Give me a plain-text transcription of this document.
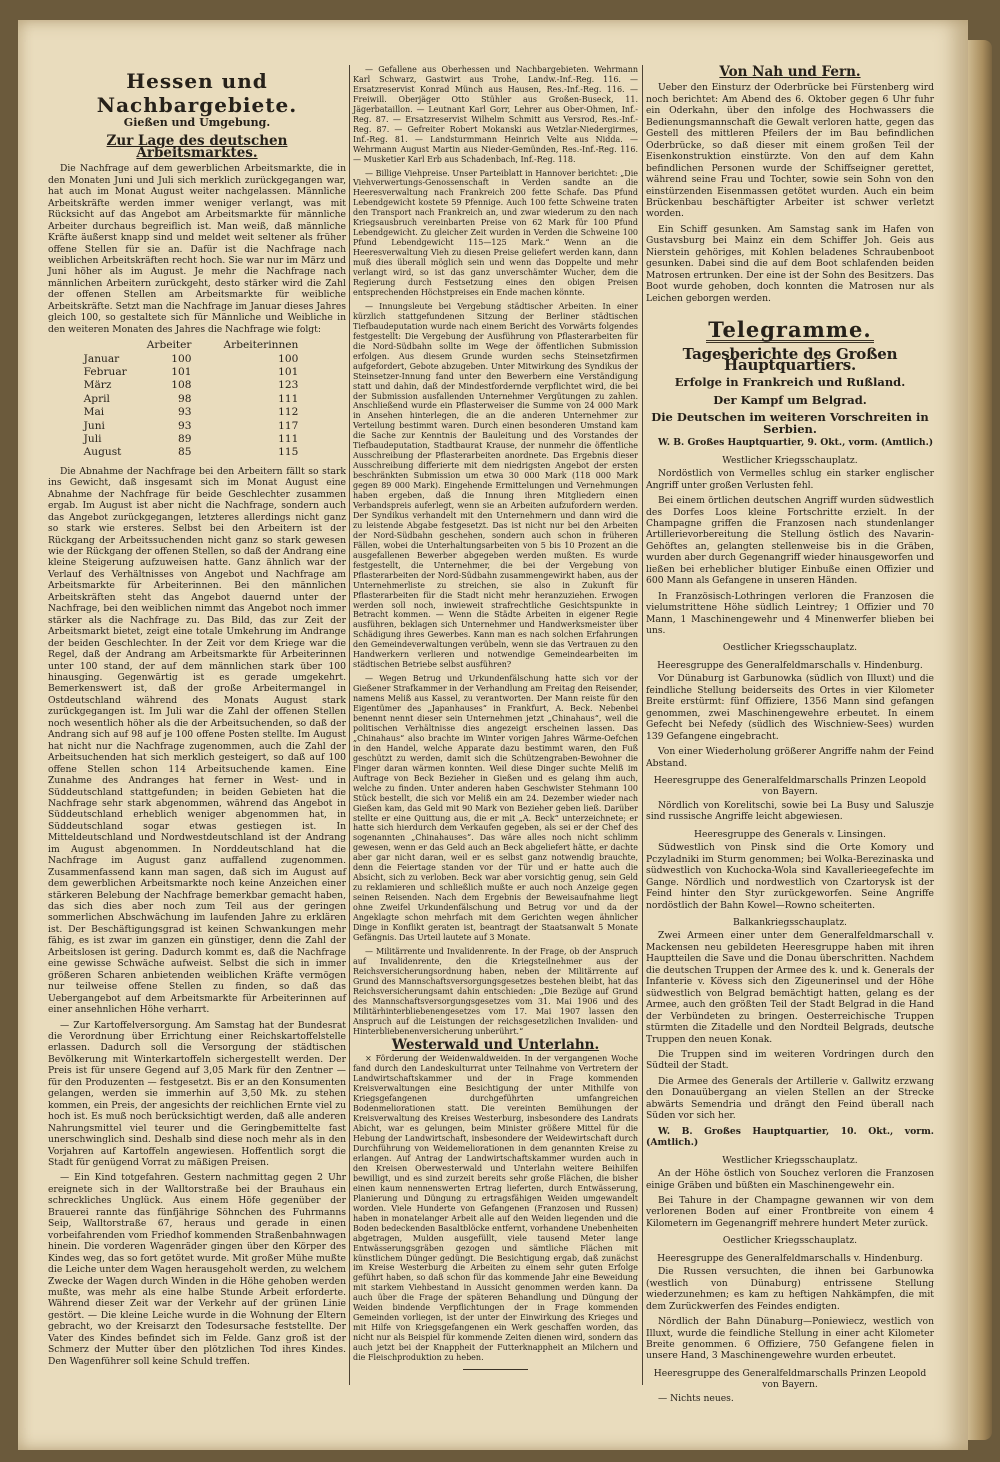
Hessen und Nachbargebiete.
Gießen und Umgebung.
Zur Lage des deutschen Arbeitsmarktes.

Die Nachfrage auf dem gewerblichen Arbeitsmarkte, die in den Monaten Juni und Juli sich merklich zurückgegangen war, hat auch im Monat August weiter nachgelassen. Männliche Arbeitskräfte werden immer weniger verlangt, was mit Rücksicht auf das Angebot am Arbeitsmarkte für männliche Arbeiter durchaus begreiflich ist. Man weiß, daß männliche Kräfte äußerst knapp sind und meldet weit seltener als früher offene Stellen für sie an. Dafür ist die Nachfrage nach weiblichen Arbeitskräften recht hoch. Sie war nur im März und Juni höher als im August. Je mehr die Nachfrage nach männlichen Arbeitern zurückgeht, desto stärker wird die Zahl der offenen Stellen am Arbeitsmarkte für weibliche Arbeitskräfte. Setzt man die Nachfrage im Januar dieses Jahres gleich 100, so gestaltete sich für Männliche und Weibliche in den weiteren Monaten des Jahres die Nachfrage wie folgt:

	Arbeiter	Arbeiterinnen
Januar	100	100
Februar	101	101
März	108	123
April	98	111
Mai	93	112
Juni	93	117
Juli	89	111
August	85	115

Die Abnahme der Nachfrage bei den Arbeitern fällt so stark ins Gewicht, daß insgesamt sich im Monat August eine Abnahme der Nachfrage für beide Geschlechter zusammen ergab. Im August ist aber nicht die Nachfrage, sondern auch das Angebot zurückgegangen, letzteres allerdings nicht ganz so stark wie ersteres. Selbst bei den Arbeitern ist der Rückgang der Arbeitssuchenden nicht ganz so stark gewesen wie der Rückgang der offenen Stellen, so daß der Andrang eine kleine Steigerung aufzuweisen hatte. Ganz ähnlich war der Verlauf des Verhältnisses von Angebot und Nachfrage am Arbeitsmarkte für Arbeiterinnen. Bei den männlichen Arbeitskräften steht das Angebot dauernd unter der Nachfrage, bei den weiblichen nimmt das Angebot noch immer stärker als die Nachfrage zu. Das Bild, das zur Zeit der Arbeitsmarkt bietet, zeigt eine totale Umkehrung im Andrange der beiden Geschlechter. In der Zeit vor dem Kriege war die Regel, daß der Andrang am Arbeitsmarkte für Arbeiterinnen unter 100 stand, der auf dem männlichen stark über 100 hinausging. Gegenwärtig ist es gerade umgekehrt. Bemerkenswert ist, daß der große Arbeitermangel in Ostdeutschland während des Monats August stark zurückgegangen ist. Im Juli war die Zahl der offenen Stellen noch wesentlich höher als die der Arbeitsuchenden, so daß der Andrang sich auf 98 auf je 100 offene Posten stellte. Im August hat nicht nur die Nachfrage zugenommen, auch die Zahl der Arbeitsuchenden hat sich merklich gesteigert, so daß auf 100 offene Stellen schon 114 Arbeitsuchende kamen. Eine Zunahme des Andranges hat ferner in West- und in Süddeutschland stattgefunden; in beiden Gebieten hat die Nachfrage sehr stark abgenommen, während das Angebot in Süddeutschland erheblich weniger abgenommen hat, in Süddeutschland sogar etwas gestiegen ist. In Mitteldeutschland und Nordwestdeutschland ist der Andrang im August abgenommen. In Norddeutschland hat die Nachfrage im August ganz auffallend zugenommen. Zusammenfassend kann man sagen, daß sich im August auf dem gewerblichen Arbeitsmarkte noch keine Anzeichen einer stärkeren Belebung der Nachfrage bemerkbar gemacht haben, das sich dies aber noch zum Teil aus der geringen sommerlichen Abschwächung im laufenden Jahre zu erklären ist. Der Beschäftigungsgrad ist keinen Schwankungen mehr fähig, es ist zwar im ganzen ein günstiger, denn die Zahl der Arbeitslosen ist gering. Dadurch kommt es, daß die Nachfrage eine gewisse Schwäche aufweist. Selbst die sich in immer größeren Scharen anbietenden weiblichen Kräfte vermögen nur teilweise offene Stellen zu finden, so daß das Uebergangebot auf dem Arbeitsmarkte für Arbeiterinnen auf einer ansehnlichen Höhe verharrt.

— Zur Kartoffelversorgung. Am Samstag hat der Bundesrat die Verordnung über Errichtung einer Reichskartoffelstelle erlassen. Dadurch soll die Versorgung der städtischen Bevölkerung mit Winterkartoffeln sichergestellt werden. Der Preis ist für unsere Gegend auf 3,05 Mark für den Zentner — für den Produzenten — festgesetzt. Bis er an den Konsumenten gelangen, werden sie immerhin auf 3,50 Mk. zu stehen kommen, ein Preis, der angesichts der reichlichen Ernte viel zu hoch ist. Es muß noch berücksichtigt werden, daß alle anderen Nahrungsmittel viel teurer und die Geringbemittelte fast unerschwinglich sind. Deshalb sind diese noch mehr als in den Vorjahren auf Kartoffeln angewiesen. Hoffentlich sorgt die Stadt für genügend Vorrat zu mäßigen Preisen.

— Ein Kind totgefahren. Gestern nachmittag gegen 2 Uhr ereignete sich in der Walltorstraße bei der Brauhaus ein schreckliches Unglück. Aus einem Höfe gegenüber der Brauerei rannte das fünfjährige Söhnchen des Fuhrmanns Seip, Walltorstraße 67, heraus und gerade in einen vorbeifahrenden vom Friedhof kommenden Straßenbahnwagen hinein. Die vorderen Wagenräder gingen über den Körper des Kindes weg, das so fort getötet wurde. Mit großer Mühe mußte die Leiche unter dem Wagen herausgeholt werden, zu welchem Zwecke der Wagen durch Winden in die Höhe gehoben werden mußte, was mehr als eine halbe Stunde Arbeit erforderte. Während dieser Zeit war der Verkehr auf der grünen Linie gestört. — Die kleine Leiche wurde in die Wohnung der Eltern gebracht, wo der Kreisarzt den Todesursache feststellte. Der Vater des Kindes befindet sich im Felde. Ganz groß ist der Schmerz der Mutter über den plötzlichen Tod ihres Kindes. Den Wagenführer soll keine Schuld treffen.

— Gefallene aus Oberhessen und Nachbargebieten. Wehrmann Karl Schwarz, Gastwirt aus Trohe, Landw.-Inf.-Reg. 116. — Ersatzreservist Konrad Münch aus Hausen, Res.-Inf.-Reg. 116. — Freiwill. Oberjäger Otto Stühler aus Großen-Buseck, 11. Jägerbataillon. — Leutnant Karl Gorr, Lehrer aus Ober-Ohmen, Inf.-Reg. 87. — Ersatzreservist Wilhelm Schmitt aus Versrod, Res.-Inf.-Reg. 87. — Gefreiter Robert Mokanski aus Wetzlar-Niedergirmes, Inf.-Reg. 81. — Landsturmmann Heinrich Velte aus Nidda. — Wehrmann August Martin aus Nieder-Gemünden, Res.-Inf.-Reg. 116. — Musketier Karl Erb aus Schadenbach, Inf.-Reg. 118.

— Billige Viehpreise. Unser Parteiblatt in Hannover berichtet: „Die Viehverwertungs-Genossenschaft in Verden sandte an die Heeresverwaltung nach Frankreich 200 fette Schafe. Das Pfund Lebendgewicht kostete 59 Pfennige. Auch 100 fette Schweine traten den Transport nach Frankreich an, und zwar wiederum zu den nach Kriegsausbruch vereinbarten Preise von 62 Mark für 100 Pfund Lebendgewicht. Zu gleicher Zeit wurden in Verden die Schweine 100 Pfund Lebendgewicht 115—125 Mark.“ Wenn an die Heeresverwaltung Vieh zu diesen Preise geliefert werden kann, dann muß dies überall möglich sein und wenn das Doppelte und mehr verlangt wird, so ist das ganz unverschämter Wucher, dem die Regierung durch Festsetzung eines den obigen Preisen entsprechenden Höchstpreises ein Ende machen könnte.

— Innungsleute bei Vergebung städtischer Arbeiten. In einer kürzlich stattgefundenen Sitzung der Berliner städtischen Tiefbaudeputation wurde nach einem Bericht des Vorwärts folgendes festgestellt: Die Vergebung der Ausführung von Pflasterarbeiten für die Nord-Südbahn sollte im Wege der öffentlichen Submission erfolgen. Aus diesem Grunde wurden sechs Steinsetzfirmen aufgefordert, Gebote abzugeben. Unter Mitwirkung des Syndikus der Steinsetzer-Innung fand unter den Bewerbern eine Verständigung statt und dahin, daß der Mindestfordernde verpflichtet wird, die bei der Submission ausfallenden Unternehmer Vergütungen zu zahlen. Anschließend wurde ein Pflasterweiser die Summe von 24 000 Mark in Ansehen hinterlegen, die an die anderen Unternehmer zur Verteilung bestimmt waren. Durch einen besonderen Umstand kam die Sache zur Kenntnis der Bauleitung und des Vorstandes der Tiefbaudeputation, Stadtbaurat Krause, der nunmehr die öffentliche Ausschreibung der Pflasterarbeiten anordnete. Das Ergebnis dieser Ausschreibung differierte mit dem niedrigsten Angebot der ersten beschränkten Submission um etwa 30 000 Mark (118 000 Mark gegen 89 000 Mark). Eingehende Ermittelungen und Vernehmungen haben ergeben, daß die Innung ihren Mitgliedern einen Verbandspreis auferlegt, wenn sie an Arbeiten aufzufordern werden. Der Syndikus verhandelt mit den Unternehmern und dann wird die zu leistende Abgabe festgesetzt. Das ist nicht nur bei den Arbeiten der Nord-Südbahn geschehen, sondern auch schon in früheren Fällen, wobei die Unterhaltungsarbeiten von 5 bis 10 Prozent an die ausgefallenen Bewerber abgegeben werden mußten. Es wurde festgestellt, die Unternehmer, die bei der Vergebung von Pflasterarbeiten der Nord-Südbahn zusammengewirkt haben, aus der Unternehmerliste zu streichen, sie also in Zukunft für Pflasterarbeiten für die Stadt nicht mehr heranzuziehen. Erwogen werden soll noch, inwieweit strafrechtliche Gesichtspunkte in Betracht kommen. — Wenn die Städte Arbeiten in eigener Regie ausführen, beklagen sich Unternehmer und Handwerksmeister über Schädigung ihres Gewerbes. Kann man es nach solchen Erfahrungen den Gemeindeverwaltungen verübeln, wenn sie das Vertrauen zu den Handwerkern verlieren und notwendige Gemeindearbeiten im städtischen Betriebe selbst ausführen?

— Wegen Betrug und Urkundenfälschung hatte sich vor der Gießener Strafkammer in der Verhandlung am Freitag den Reisender, namens Meliß aus Kassel, zu verantworten. Der Mann reiste für den Eigentümer des „Japanhauses“ in Frankfurt, A. Beck. Nebenbei benennt nennt dieser sein Unternehmen jetzt „Chinahaus“, weil die politischen Verhältnisse dies angezeigt erscheinen lassen. Das „Chinahaus“ also brachte im Winter vorigen Jahres Wärme-Oefchen in den Handel, welche Apparate dazu bestimmt waren, den Fuß geschützt zu werden, damit sich die Schützengraben-Bewohner die Finger daran wärmen konnten. Weil diese Dinger suchte Meliß im Auftrage von Beck Bezieher in Gießen und es gelang ihm auch, welche zu finden. Unter anderen haben Geschwister Stehmann 100 Stück bestellt, die sich vor Meliß ein am 24. Dezember wieder nach Gießen kam, das Geld mit 90 Mark von Bezieher geben ließ. Darüber stellte er eine Quittung aus, die er mit „A. Beck“ unterzeichnete; er hatte sich hierdurch dem Verkaufen gegeben, als sei er der Chef des sogenannten „Chinahauses“. Das wäre alles noch nicht schlimm gewesen, wenn er das Geld auch an Beck abgeliefert hätte, er dachte aber gar nicht daran, weil er es selbst ganz notwendig brauchte, denn die Feiertage standen vor der Tür und er hatte auch die Absicht, sich zu verloben. Beck war aber vorsichtig genug, sein Geld zu reklamieren und schließlich mußte er auch noch Anzeige gegen seinen Reisenden. Nach dem Ergebnis der Beweisaufnahme liegt ohne Zweifel Urkundenfälschung und Betrug vor und da der Angeklagte schon mehrfach mit dem Gerichten wegen ähnlicher Dinge in Konflikt geraten ist, beantragt der Staatsanwalt 5 Monate Gefängnis. Das Urteil lautete auf 3 Monate.

— Militärrente und Invalidenrente. In der Frage, ob der Anspruch auf Invalidenrente, den die Kriegsteilnehmer aus der Reichsversicherungsordnung haben, neben der Militärrente auf Grund des Mannschaftsversorgungsgesetzes bestehen bleibt, hat das Reichsversicherungsamt dahin entschieden: „Die Bezüge auf Grund des Mannschaftsversorgungsgesetzes vom 31. Mai 1906 und des Militärhinterbliebenengesetzes vom 17. Mai 1907 lassen den Anspruch auf die Leistungen der reichsgesetzlichen Invaliden- und Hinterbliebenenversicherung unberührt.“

Westerwald und Unterlahn.

× Förderung der Weidenwaldweiden. In der vergangenen Woche fand durch den Landeskulturrat unter Teilnahme von Vertretern der Landwirtschaftskammer und der in Frage kommenden Kreisverwaltungen eine Besichtigung der unter Mithilfe von Kriegsgefangenen durchgeführten umfangreichen Bodenmeliorationen statt. Die vereinten Bemühungen der Kreisverwaltung des Kreises Westerburg, insbesondere des Landrats Abicht, war es gelungen, beim Minister größere Mittel für die Hebung der Landwirtschaft, insbesondere der Weidewirtschaft durch Durchführung von Weidemeliorationen in dem genannten Kreise zu erlangen. Auf Antrag der Landwirtschaftskammer wurden auch in den Kreisen Oberwesterwald und Unterlahn weitere Beihilfen bewilligt, und es sind zurzeit bereits sehr große Flächen, die bisher einen kaum nennenswerten Ertrag lieferten, durch Entwässerung, Planierung und Düngung zu ertragsfähigen Weiden umgewandelt worden. Viele Hunderte von Gefangenen (Franzosen und Russen) haben in monatelanger Arbeit alle auf den Weiden liegenden und die Boden bedeckenden Basaltblöcke entfernt, vorhandene Unebenheiten abgetragen, Mulden ausgefüllt, viele tausend Meter lange Entwässerungsgräben gezogen und sämtliche Flächen mit künstlichem Dünger gedüngt. Die Besichtigung ergab, daß zunächst im Kreise Westerburg die Arbeiten zu einem sehr guten Erfolge geführt haben, so daß schon für das kommende Jahr eine Beweidung mit starkem Viehbestand in Aussicht genommen werden kann. Da auch über die Frage der späteren Behandlung und Düngung der Weiden bindende Verpflichtungen der in Frage kommenden Gemeinden vorliegen, ist der unter der Einwirkung des Krieges und mit Hilfe von Kriegsgefangenen ein Werk geschaffen worden, das nicht nur als Beispiel für kommende Zeiten dienen wird, sondern das auch jetzt bei der Knappheit der Futterknappheit an Milchern und die Fleischproduktion zu heben.

Von Nah und Fern.

Ueber den Einsturz der Oderbrücke bei Fürstenberg wird noch berichtet: Am Abend des 6. Oktober gegen 6 Uhr fuhr ein Oderkahn, über den infolge des Hochwassers die Bedienungsmannschaft die Gewalt verloren hatte, gegen das Gestell des mittleren Pfeilers der im Bau befindlichen Oderbrücke, so daß dieser mit einem großen Teil der Eisenkonstruktion einstürzte. Von den auf dem Kahn befindlichen Personen wurde der Schiffseigner gerettet, während seine Frau und Tochter, sowie sein Sohn von den einstürzenden Eisenmassen getötet wurden. Auch ein beim Brückenbau beschäftigter Arbeiter ist schwer verletzt worden.

Ein Schiff gesunken. Am Samstag sank im Hafen von Gustavsburg bei Mainz ein dem Schiffer Joh. Geis aus Nierstein gehöriges, mit Kohlen beladenes Schraubenboot gesunken. Dabei sind die auf dem Boot schlafenden beiden Matrosen ertrunken. Der eine ist der Sohn des Besitzers. Das Boot wurde gehoben, doch konnten die Matrosen nur als Leichen geborgen werden.

Telegramme.
Tagesberichte des Großen Hauptquartiers.
Erfolge in Frankreich und Rußland.
Der Kampf um Belgrad.
Die Deutschen im weiteren Vorschreiten in Serbien.

W. B. Großes Hauptquartier, 9. Okt., vorm. (Amtlich.)

Westlicher Kriegsschauplatz.

Nordöstlich von Vermelles schlug ein starker englischer Angriff unter großen Verlusten fehl.

Bei einem örtlichen deutschen Angriff wurden südwestlich des Dorfes Loos kleine Fortschritte erzielt. In der Champagne griffen die Franzosen nach stundenlanger Artillerievorbereitung die Stellung östlich des Navarin-Gehöftes an, gelangten stellenweise bis in die Gräben, wurden aber durch Gegenangriff wieder hinausgeworfen und ließen bei erheblicher blutiger Einbuße einen Offizier und 600 Mann als Gefangene in unseren Händen.

In Französisch-Lothringen verloren die Franzosen die vielumstrittene Höhe südlich Leintrey; 1 Offizier und 70 Mann, 1 Maschinengewehr und 4 Minenwerfer blieben bei uns.

Oestlicher Kriegsschauplatz.
Heeresgruppe des Generalfeldmarschalls v. Hindenburg.

Vor Dünaburg ist Garbunowka (südlich von Illuxt) und die feindliche Stellung beiderseits des Ortes in vier Kilometer Breite erstürmt: fünf Offiziere, 1356 Mann sind gefangen genommen, zwei Maschinengewehre erbeutet. In einem Gefecht bei Nefedy (südlich des Wischniew-Sees) wurden 139 Gefangene eingebracht.

Von einer Wiederholung größerer Angriffe nahm der Feind Abstand.

Heeresgruppe des Generalfeldmarschalls Prinzen Leopold von Bayern.

Nördlich von Korelitschi, sowie bei La Busy und Saluszje sind russische Angriffe leicht abgewiesen.

Heeresgruppe des Generals v. Linsingen.

Südwestlich von Pinsk sind die Orte Komory und Pczyladniki im Sturm genommen; bei Wolka-Berezinaska und südwestlich von Kuchocka-Wola sind Kavallerieegefechte im Gange. Nördlich und nordwestlich von Czartorysk ist der Feind hinter den Styr zurückgeworfen. Seine Angriffe nordöstlich der Bahn Kowel—Rowno scheiterten.

Balkankriegsschauplatz.

Zwei Armeen einer unter dem Generalfeldmarschall v. Mackensen neu gebildeten Heeresgruppe haben mit ihren Hauptteilen die Save und die Donau überschritten. Nachdem die deutschen Truppen der Armee des k. und k. Generals der Infanterie v. Kövess sich den Zigeunerinsel und der Höhe südwestlich von Belgrad bemächtigt hatten, gelang es der Armee, auch den größten Teil der Stadt Belgrad in die Hand der Verbündeten zu bringen. Oesterreichische Truppen stürmten die Zitadelle und den Nordteil Belgrads, deutsche Truppen den neuen Konak.

Die Truppen sind im weiteren Vordringen durch den Südteil der Stadt.

Die Armee des Generals der Artillerie v. Gallwitz erzwang den Donauübergang an vielen Stellen an der Strecke abwärts Semendria und drängt den Feind überall nach Süden vor sich her.

W. B. Großes Hauptquartier, 10. Okt., vorm. (Amtlich.)

Westlicher Kriegsschauplatz.

An der Höhe östlich von Souchez verloren die Franzosen einige Gräben und büßten ein Maschinengewehr ein.

Bei Tahure in der Champagne gewannen wir von dem verlorenen Boden auf einer Frontbreite von einem 4 Kilometern im Gegenangriff mehrere hundert Meter zurück.

Oestlicher Kriegsschauplatz.
Heeresgruppe des Generalfeldmarschalls v. Hindenburg.

Die Russen versuchten, die ihnen bei Garbunowka (westlich von Dünaburg) entrissene Stellung wiederzunehmen; es kam zu heftigen Nahkämpfen, die mit dem Zurückwerfen des Feindes endigten.

Nördlich der Bahn Dünaburg—Poniewiecz, westlich von Illuxt, wurde die feindliche Stellung in einer acht Kilometer Breite genommen. 6 Offiziere, 750 Gefangene fielen in unsere Hand, 3 Maschinengewehre wurden erbeutet.

Heeresgruppe des Generalfeldmarschalls Prinzen Leopold von Bayern.

— Nichts neues.
